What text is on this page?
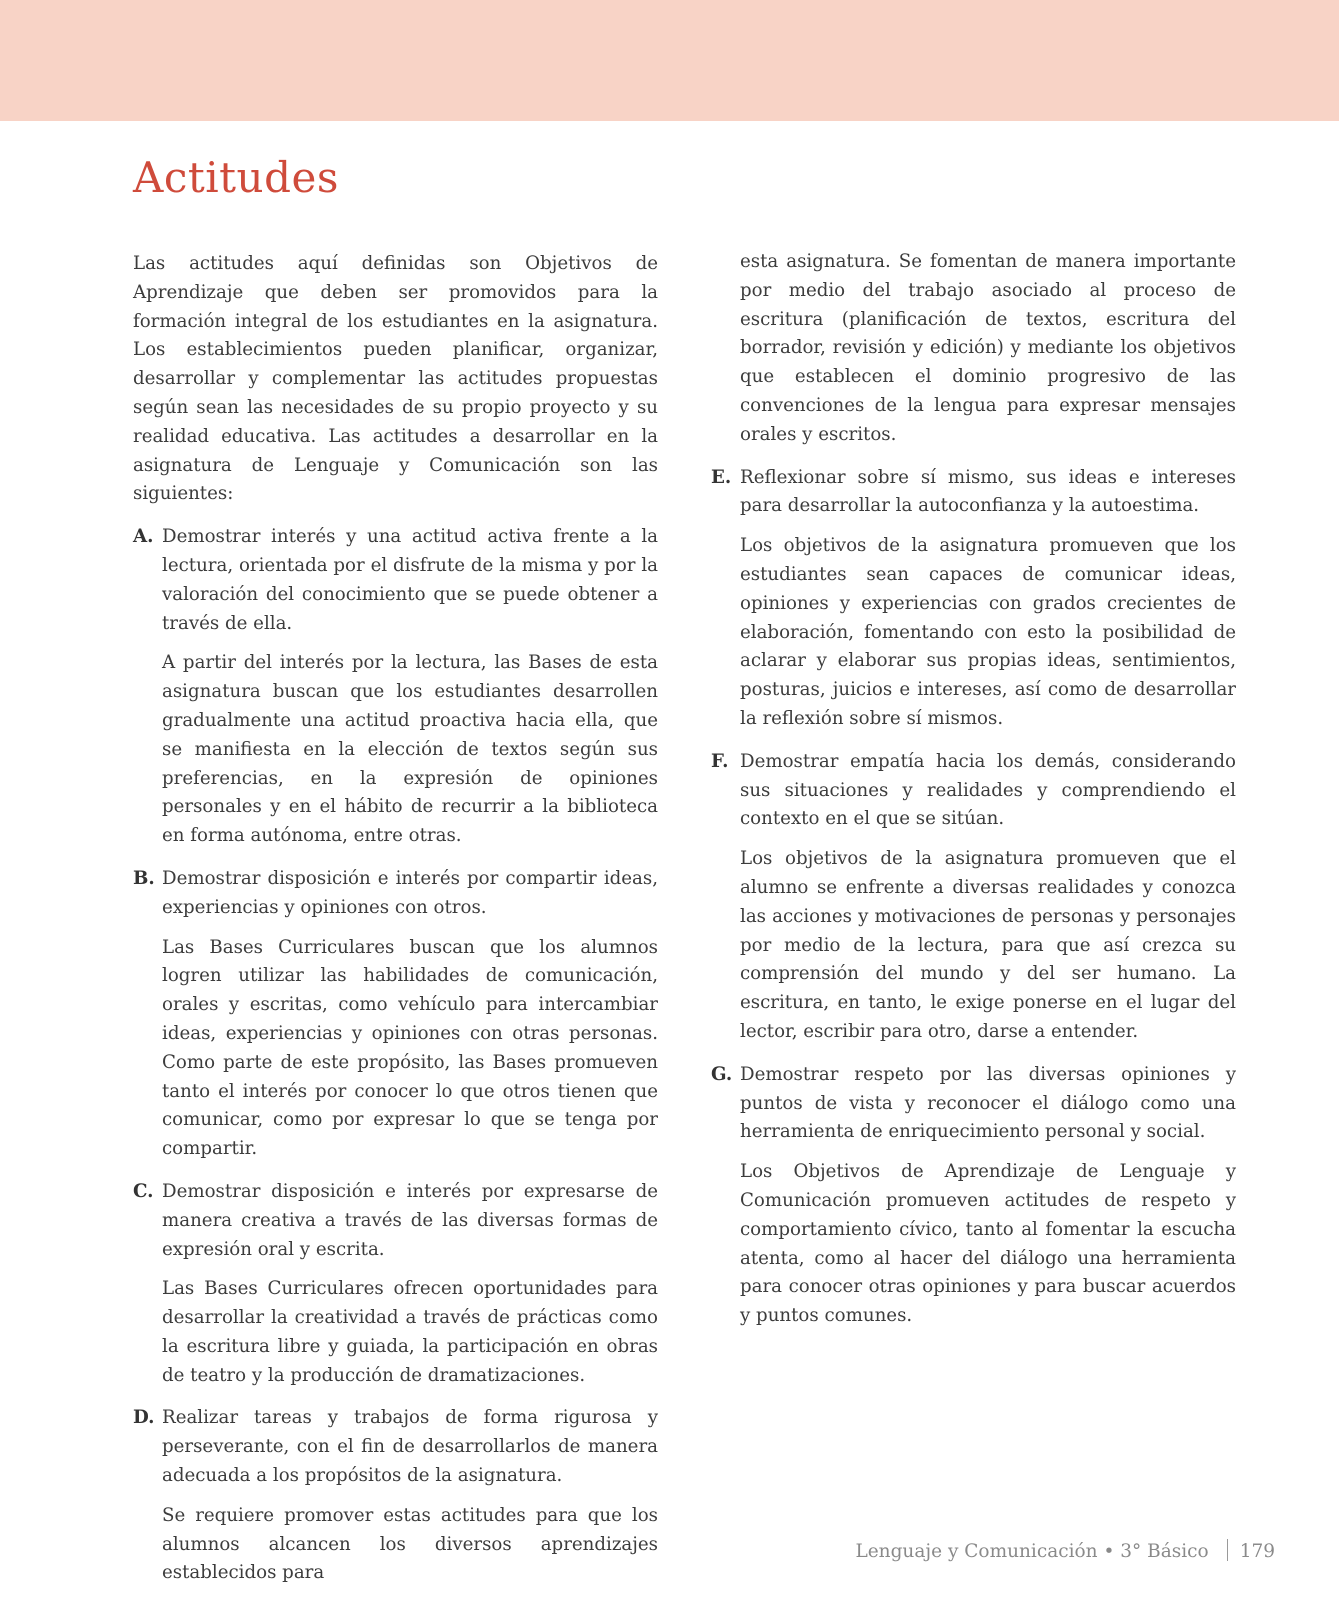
Actitudes

Las actitudes aquí definidas son Objetivos de Aprendizaje que deben ser promovidos para la formación integral de los estudiantes en la asignatura. Los establecimientos pueden planificar, organizar, desarrollar y complementar las actitudes propuestas según sean las necesidades de su propio proyecto y su realidad educativa. Las actitudes a desarrollar en la asignatura de Lenguaje y Comunicación son las siguientes:

A. Demostrar interés y una actitud activa frente a la lectura, orientada por el disfrute de la misma y por la valoración del conocimiento que se puede obtener a través de ella.

A partir del interés por la lectura, las Bases de esta asignatura buscan que los estudiantes desarrollen gradualmente una actitud proactiva hacia ella, que se manifiesta en la elección de textos según sus preferencias, en la expresión de opiniones personales y en el hábito de recurrir a la biblioteca en forma autónoma, entre otras.

B. Demostrar disposición e interés por compartir ideas, experiencias y opiniones con otros.

Las Bases Curriculares buscan que los alumnos logren utilizar las habilidades de comunicación, orales y escritas, como vehículo para intercambiar ideas, experiencias y opiniones con otras personas. Como parte de este propósito, las Bases promueven tanto el interés por conocer lo que otros tienen que comunicar, como por expresar lo que se tenga por compartir.

C. Demostrar disposición e interés por expresarse de manera creativa a través de las diversas formas de expresión oral y escrita.

Las Bases Curriculares ofrecen oportunidades para desarrollar la creatividad a través de prácticas como la escritura libre y guiada, la participación en obras de teatro y la producción de dramatizaciones.

D. Realizar tareas y trabajos de forma rigurosa y perseverante, con el fin de desarrollarlos de manera adecuada a los propósitos de la asignatura.

Se requiere promover estas actitudes para que los alumnos alcancen los diversos aprendizajes establecidos para

esta asignatura. Se fomentan de manera importante por medio del trabajo asociado al proceso de escritura (planificación de textos, escritura del borrador, revisión y edición) y mediante los objetivos que establecen el dominio progresivo de las convenciones de la lengua para expresar mensajes orales y escritos.

E. Reflexionar sobre sí mismo, sus ideas e intereses para desarrollar la autoconfianza y la autoestima.

Los objetivos de la asignatura promueven que los estudiantes sean capaces de comunicar ideas, opiniones y experiencias con grados crecientes de elaboración, fomentando con esto la posibilidad de aclarar y elaborar sus propias ideas, sentimientos, posturas, juicios e intereses, así como de desarrollar la reflexión sobre sí mismos.

F. Demostrar empatía hacia los demás, considerando sus situaciones y realidades y comprendiendo el contexto en el que se sitúan.

Los objetivos de la asignatura promueven que el alumno se enfrente a diversas realidades y conozca las acciones y motivaciones de personas y personajes por medio de la lectura, para que así crezca su comprensión del mundo y del ser humano. La escritura, en tanto, le exige ponerse en el lugar del lector, escribir para otro, darse a entender.

G. Demostrar respeto por las diversas opiniones y puntos de vista y reconocer el diálogo como una herramienta de enriquecimiento personal y social.

Los Objetivos de Aprendizaje de Lenguaje y Comunicación promueven actitudes de respeto y comportamiento cívico, tanto al fomentar la escucha atenta, como al hacer del diálogo una herramienta para conocer otras opiniones y para buscar acuerdos y puntos comunes.

Lenguaje y Comunicación • 3° Básico 179
